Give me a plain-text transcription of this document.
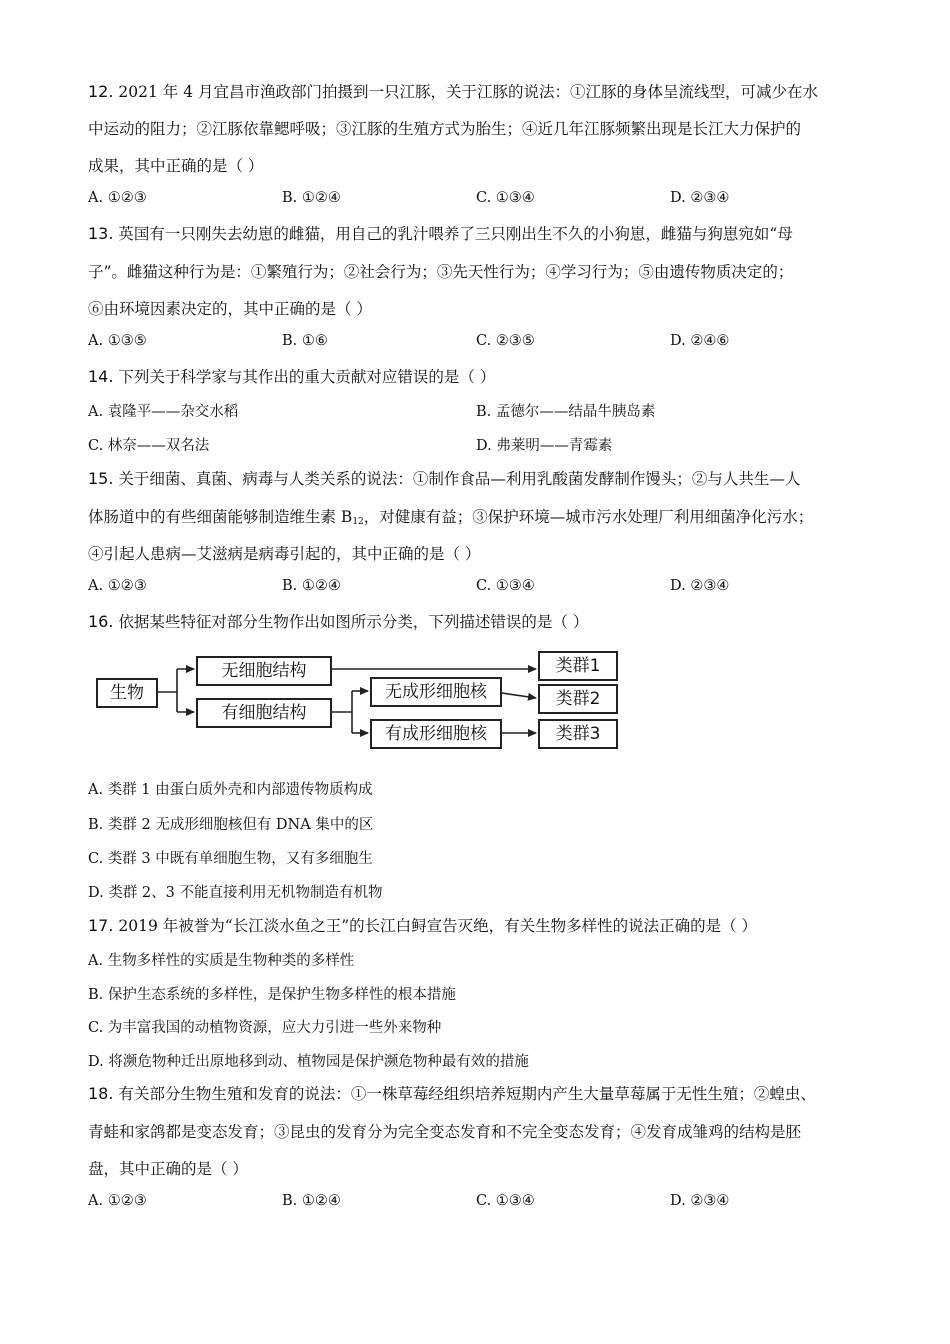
12. 2021 年 4 月宜昌市渔政部门拍摄到一只江豚，关于江豚的说法：①江豚的身体呈流线型，可减少在水
中运动的阻力；②江豚依靠鳃呼吸；③江豚的生殖方式为胎生；④近几年江豚频繁出现是长江大力保护的
成果，其中正确的是（ ）
A. ①②③	B. ①②④	C. ①③④	D. ②③④
13. 英国有一只刚失去幼崽的雌猫，用自己的乳汁喂养了三只刚出生不久的小狗崽，雌猫与狗崽宛如“母
子”。雌猫这种行为是：①繁殖行为；②社会行为；③先天性行为；④学习行为；⑤由遗传物质决定的；
⑥由环境因素决定的，其中正确的是（ ）
A. ①③⑤	B. ①⑥	C. ②③⑤	D. ②④⑥
14. 下列关于科学家与其作出的重大贡献对应错误的是（ ）
A. 袁隆平——杂交水稻	B. 孟德尔——结晶牛胰岛素
C. 林奈——双名法	D. 弗莱明——青霉素
15. 关于细菌、真菌、病毒与人类关系的说法：①制作食品—利用乳酸菌发酵制作馒头；②与人共生—人
体肠道中的有些细菌能够制造维生素 $B_{12}$，对健康有益；③保护环境—城市污水处理厂利用细菌净化污水；
④引起人患病—艾滋病是病毒引起的，其中正确的是（ ）
A. ①②③	B. ①②④	C. ①③④	D. ②③④
16. 依据某些特征对部分生物作出如图所示分类，下列描述错误的是（ ）
生物
无细胞结构
有细胞结构
无成形细胞核
有成形细胞核
类群1
类群2
类群3
A. 类群 1 由蛋白质外壳和内部遗传物质构成
B. 类群 2 无成形细胞核但有 DNA 集中的区
C. 类群 3 中既有单细胞生物，又有多细胞生
D. 类群 2、3 不能直接利用无机物制造有机物
17. 2019 年被誉为“长江淡水鱼之王”的长江白鲟宣告灭绝，有关生物多样性的说法正确的是（ ）
A. 生物多样性的实质是生物种类的多样性
B. 保护生态系统的多样性，是保护生物多样性的根本措施
C. 为丰富我国的动植物资源，应大力引进一些外来物种
D. 将濒危物种迁出原地移到动、植物园是保护濒危物种最有效的措施
18. 有关部分生物生殖和发育的说法：①一株草莓经组织培养短期内产生大量草莓属于无性生殖；②蝗虫、
青蛙和家鸽都是变态发育；③昆虫的发育分为完全变态发育和不完全变态发育；④发育成雏鸡的结构是胚
盘，其中正确的是（ ）
A. ①②③	B. ①②④	C. ①③④	D. ②③④
